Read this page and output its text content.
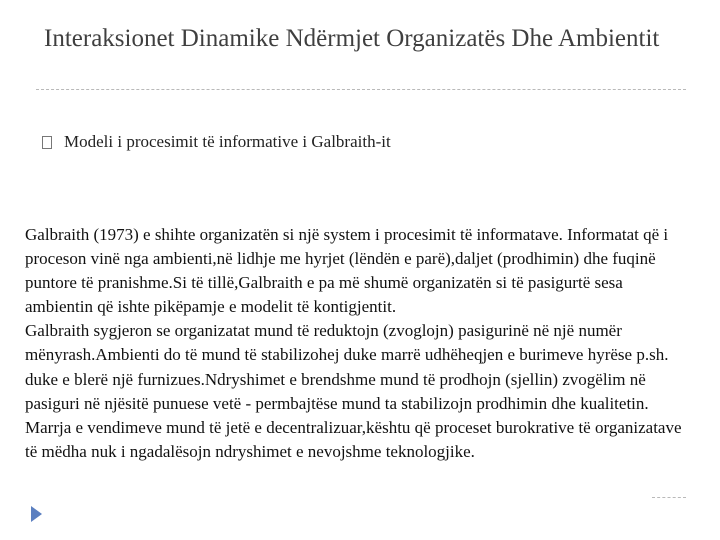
Interaksionet Dinamike Ndërmjet Organizatës Dhe Ambientit
Modeli i procesimit të informative i Galbraith-it

Galbraith (1973) e shihte organizatën si një system i procesimit të informatave. Informatat që i proceson vinë nga ambienti,në lidhje me hyrjet (lëndën e parë),daljet (prodhimin) dhe fuqinë puntore të pranishme.Si të tillë,Galbraith e pa më shumë organizatën si të pasigurtë sesa ambientin që ishte pikëpamje e modelit të kontigjentit.

Galbraith sygjeron se organizatat mund të reduktojn (zvoglojn) pasigurinë në një numër mënyrash.Ambienti do të mund të stabilizohej duke marrë udhëheqjen e burimeve hyrëse p.sh. duke e blerë një furnizues.Ndryshimet e brendshme mund të prodhojn (sjellin) zvogëlim në pasiguri në njësitë punuese vetë - permbajtëse mund ta stabilizojn prodhimin dhe kualitetin. Marrja e vendimeve mund të jetë e decentralizuar,kështu që proceset burokrative të organizatave të mëdha nuk i ngadalësojn ndryshimet e nevojshme teknologjike.
